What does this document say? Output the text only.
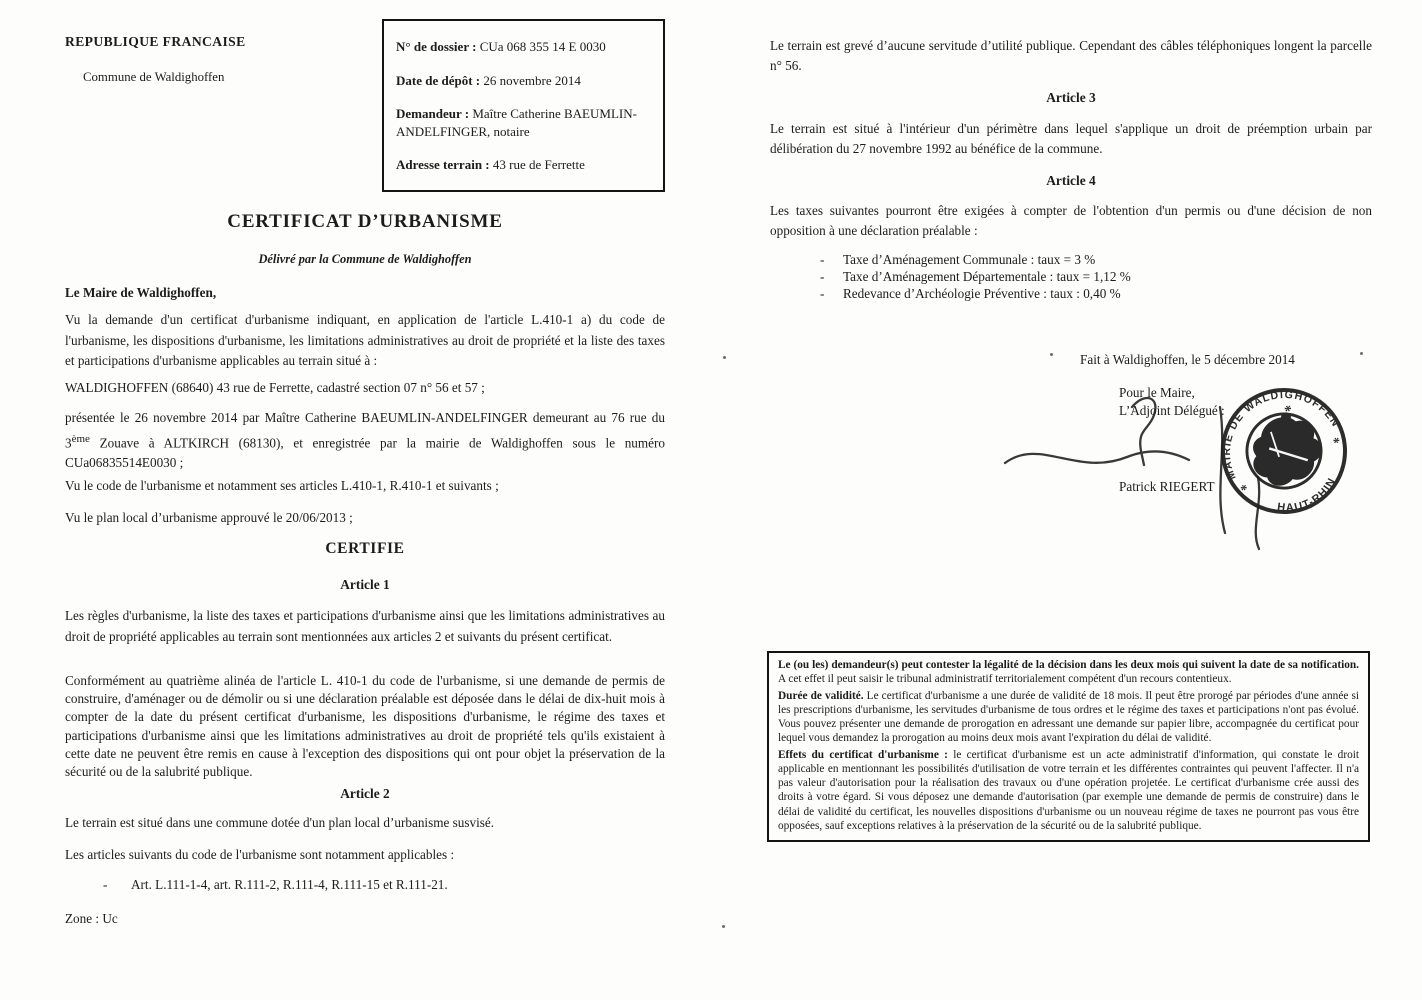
REPUBLIQUE FRANCAISE
Commune de Waldighoffen

N° de dossier : CUa 068 355 14 E 0030

Date de dépôt : 26 novembre 2014

Demandeur : Maître Catherine BAEUMLIN-ANDELFINGER, notaire

Adresse terrain : 43 rue de Ferrette

CERTIFICAT D’URBANISME
Délivré par la Commune de Waldighoffen

Le Maire de Waldighoffen,

Vu la demande d'un certificat d'urbanisme indiquant, en application de l'article L.410-1 a) du code de l'urbanisme, les dispositions d'urbanisme, les limitations administratives au droit de propriété et la liste des taxes et participations d'urbanisme applicables au terrain situé à :

WALDIGHOFFEN (68640) 43 rue de Ferrette, cadastré section 07 n° 56 et 57 ;

présentée le 26 novembre 2014 par Maître Catherine BAEUMLIN-ANDELFINGER demeurant au 76 rue du 3ème Zouave à ALTKIRCH (68130), et enregistrée par la mairie de Waldighoffen sous le numéro CUa06835514E0030 ;

Vu le code de l'urbanisme et notamment ses articles L.410-1, R.410-1 et suivants ;

Vu le plan local d’urbanisme approuvé le 20/06/2013 ;

CERTIFIE
Article 1

Les règles d'urbanisme, la liste des taxes et participations d'urbanisme ainsi que les limitations administratives au droit de propriété applicables au terrain sont mentionnées aux articles 2 et suivants du présent certificat.

Conformément au quatrième alinéa de l'article L. 410-1 du code de l'urbanisme, si une demande de permis de construire, d'aménager ou de démolir ou si une déclaration préalable est déposée dans le délai de dix-huit mois à compter de la date du présent certificat d'urbanisme, les dispositions d'urbanisme, le régime des taxes et participations d'urbanisme ainsi que les limitations administratives au droit de propriété tels qu'ils existaient à cette date ne peuvent être remis en cause à l'exception des dispositions qui ont pour objet la préservation de la sécurité ou de la salubrité publique.

Article 2

Le terrain est situé dans une commune dotée d'un plan local d’urbanisme susvisé.

Les articles suivants du code de l'urbanisme sont notamment applicables :

- Art. L.111-1-4, art. R.111-2, R.111-4, R.111-15 et R.111-21.

Zone : Uc

Le terrain est grevé d’aucune servitude d’utilité publique. Cependant des câbles téléphoniques longent la parcelle n° 56.

Article 3

Le terrain est situé à l'intérieur d'un périmètre dans lequel s'applique un droit de préemption urbain par délibération du 27 novembre 1992 au bénéfice de la commune.

Article 4

Les taxes suivantes pourront être exigées à compter de l'obtention d'un permis ou d'une décision de non opposition à une déclaration préalable :

- Taxe d’Aménagement Communale : taux = 3 %
- Taxe d’Aménagement Départementale : taux = 1,12 %
- Redevance d’Archéologie Préventive : taux : 0,40 %

Fait à Waldighoffen, le 5 décembre 2014

Pour le Maire,

L’Adjoint Délégué :

Patrick RIEGERT

MAIRIE DE WALDIGHOFFEN
HAUT-RHIN
*
*
*

Le (ou les) demandeur(s) peut contester la légalité de la décision dans les deux mois qui suivent la date de sa notification. A cet effet il peut saisir le tribunal administratif territorialement compétent d'un recours contentieux.

Durée de validité. Le certificat d'urbanisme a une durée de validité de 18 mois. Il peut être prorogé par périodes d'une année si les prescriptions d'urbanisme, les servitudes d'urbanisme de tous ordres et le régime des taxes et participations n'ont pas évolué. Vous pouvez présenter une demande de prorogation en adressant une demande sur papier libre, accompagnée du certificat pour lequel vous demandez la prorogation au moins deux mois avant l'expiration du délai de validité.

Effets du certificat d'urbanisme : le certificat d'urbanisme est un acte administratif d'information, qui constate le droit applicable en mentionnant les possibilités d'utilisation de votre terrain et les différentes contraintes qui peuvent l'affecter. Il n'a pas valeur d'autorisation pour la réalisation des travaux ou d'une opération projetée. Le certificat d'urbanisme crée aussi des droits à votre égard. Si vous déposez une demande d'autorisation (par exemple une demande de permis de construire) dans le délai de validité du certificat, les nouvelles dispositions d'urbanisme ou un nouveau régime de taxes ne pourront pas vous être opposées, sauf exceptions relatives à la préservation de la sécurité ou de la salubrité publique.
